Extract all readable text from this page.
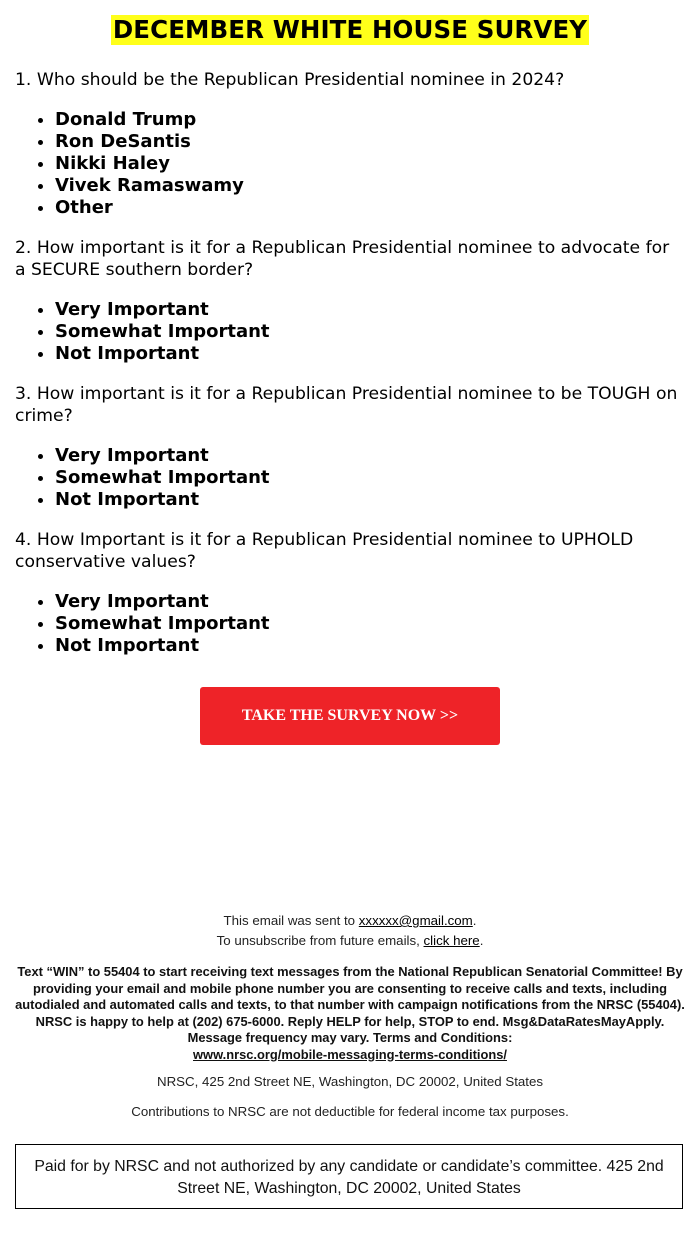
DECEMBER WHITE HOUSE SURVEY

1. Who should be the Republican Presidential nominee in 2024?

• Donald Trump
• Ron DeSantis
• Nikki Haley
• Vivek Ramaswamy
• Other

2. How important is it for a Republican Presidential nominee to advocate for a SECURE southern border?

• Very Important
• Somewhat Important
• Not Important

3. How important is it for a Republican Presidential nominee to be TOUGH on crime?

• Very Important
• Somewhat Important
• Not Important

4. How Important is it for a Republican Presidential nominee to UPHOLD conservative values?

• Very Important
• Somewhat Important
• Not Important
TAKE THE SURVEY NOW >>
This email was sent to xxxxxx@gmail.com.
To unsubscribe from future emails, click here.
Text “WIN” to 55404 to start receiving text messages from the National Republican Senatorial Committee! By providing your email and mobile phone number you are consenting to receive calls and texts, including autodialed and automated calls and texts, to that number with campaign notifications from the NRSC (55404). NRSC is happy to help at (202) 675-6000. Reply HELP for help, STOP to end. Msg&DataRatesMayApply. Message frequency may vary. Terms and Conditions:
www.nrsc.org/mobile-messaging-terms-conditions/
NRSC, 425 2nd Street NE, Washington, DC 20002, United States
Contributions to NRSC are not deductible for federal income tax purposes.
Paid for by NRSC and not authorized by any candidate or candidate’s committee. 425 2nd Street NE, Washington, DC 20002, United States
